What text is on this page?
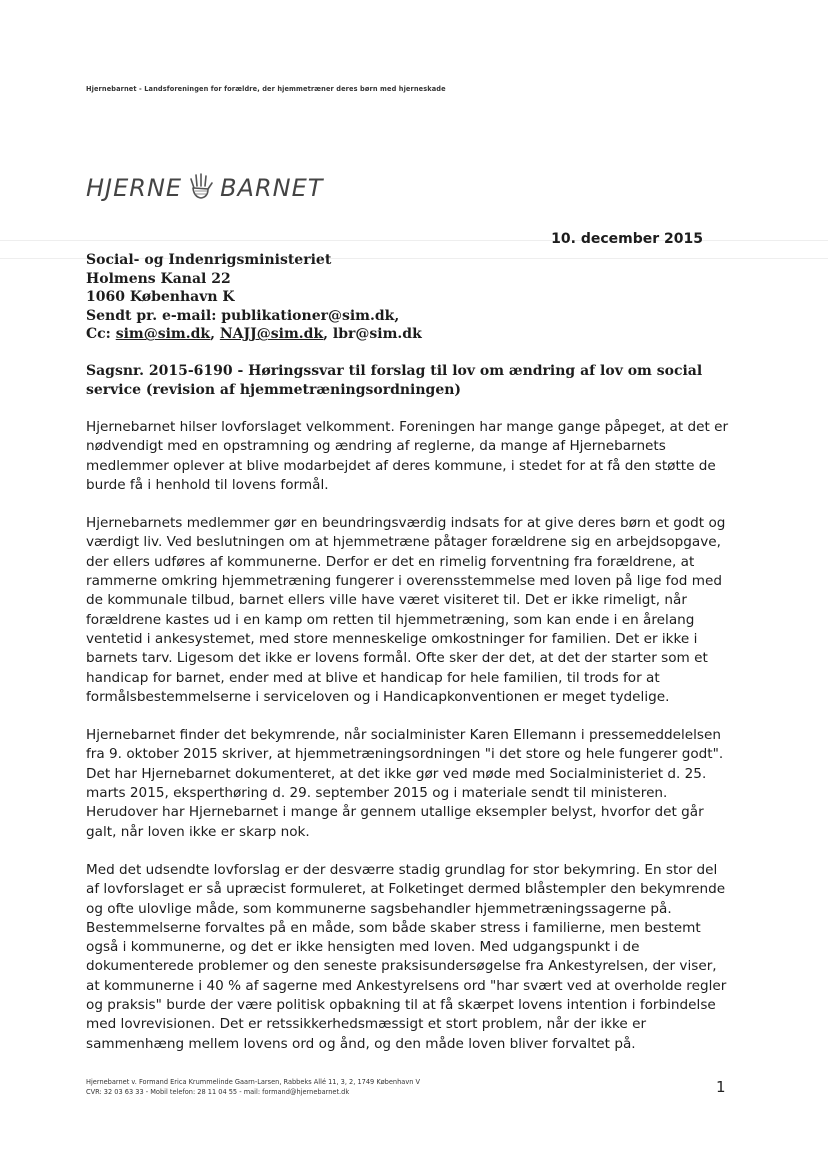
Hjernebarnet - Landsforeningen for forældre, der hjemmetræner deres børn med hjerneskade
HJERNE BARNET
10. december 2015
Social- og Indenrigsministeriet
Holmens Kanal 22
1060 København K
Sendt pr. e-mail: publikationer@sim.dk,
Cc: sim@sim.dk, NAJJ@sim.dk, lbr@sim.dk
Sagsnr. 2015-6190 - Høringssvar til forslag til lov om ændring af lov om social service (revision af hjemmetræningsordningen)

Hjernebarnet hilser lovforslaget velkomment. Foreningen har mange gange påpeget, at det er nødvendigt med en opstramning og ændring af reglerne, da mange af Hjernebarnets medlemmer oplever at blive modarbejdet af deres kommune, i stedet for at få den støtte de burde få i henhold til lovens formål.

Hjernebarnets medlemmer gør en beundringsværdig indsats for at give deres børn et godt og værdigt liv. Ved beslutningen om at hjemmetræne påtager forældrene sig en arbejdsopgave, der ellers udføres af kommunerne. Derfor er det en rimelig forventning fra forældrene, at rammerne omkring hjemmetræning fungerer i overensstemmelse med loven på lige fod med de kommunale tilbud, barnet ellers ville have været visiteret til. Det er ikke rimeligt, når forældrene kastes ud i en kamp om retten til hjemmetræning, som kan ende i en årelang ventetid i ankesystemet, med store menneskelige omkostninger for familien. Det er ikke i barnets tarv. Ligesom det ikke er lovens formål. Ofte sker der det, at det der starter som et handicap for barnet, ender med at blive et handicap for hele familien, til trods for at formålsbestemmelserne i serviceloven og i Handicapkonventionen er meget tydelige.

Hjernebarnet finder det bekymrende, når socialminister Karen Ellemann i pressemeddelelsen fra 9. oktober 2015 skriver, at hjemmetræningsordningen "i det store og hele fungerer godt". Det har Hjernebarnet dokumenteret, at det ikke gør ved møde med Socialministeriet d. 25. marts 2015, eksperthøring d. 29. september 2015 og i materiale sendt til ministeren. Herudover har Hjernebarnet i mange år gennem utallige eksempler belyst, hvorfor det går galt, når loven ikke er skarp nok.

Med det udsendte lovforslag er der desværre stadig grundlag for stor bekymring. En stor del af lovforslaget er så upræcist formuleret, at Folketinget dermed blåstempler den bekymrende og ofte ulovlige måde, som kommunerne sagsbehandler hjemmetræningssagerne på. Bestemmelserne forvaltes på en måde, som både skaber stress i familierne, men bestemt også i kommunerne, og det er ikke hensigten med loven. Med udgangspunkt i de dokumenterede problemer og den seneste praksisundersøgelse fra Ankestyrelsen, der viser, at kommunerne i 40 % af sagerne med Ankestyrelsens ord "har svært ved at overholde regler og praksis" burde der være politisk opbakning til at få skærpet lovens intention i forbindelse med lovrevisionen. Det er retssikkerhedsmæssigt et stort problem, når der ikke er sammenhæng mellem lovens ord og ånd, og den måde loven bliver forvaltet på.

Hjernebarnet v. Formand Erica Krummelinde Gaarn-Larsen, Rabbeks Allé 11, 3, 2, 1749 København V
CVR: 32 03 63 33 - Mobil telefon: 28 11 04 55 - mail: formand@hjernebarnet.dk	1
